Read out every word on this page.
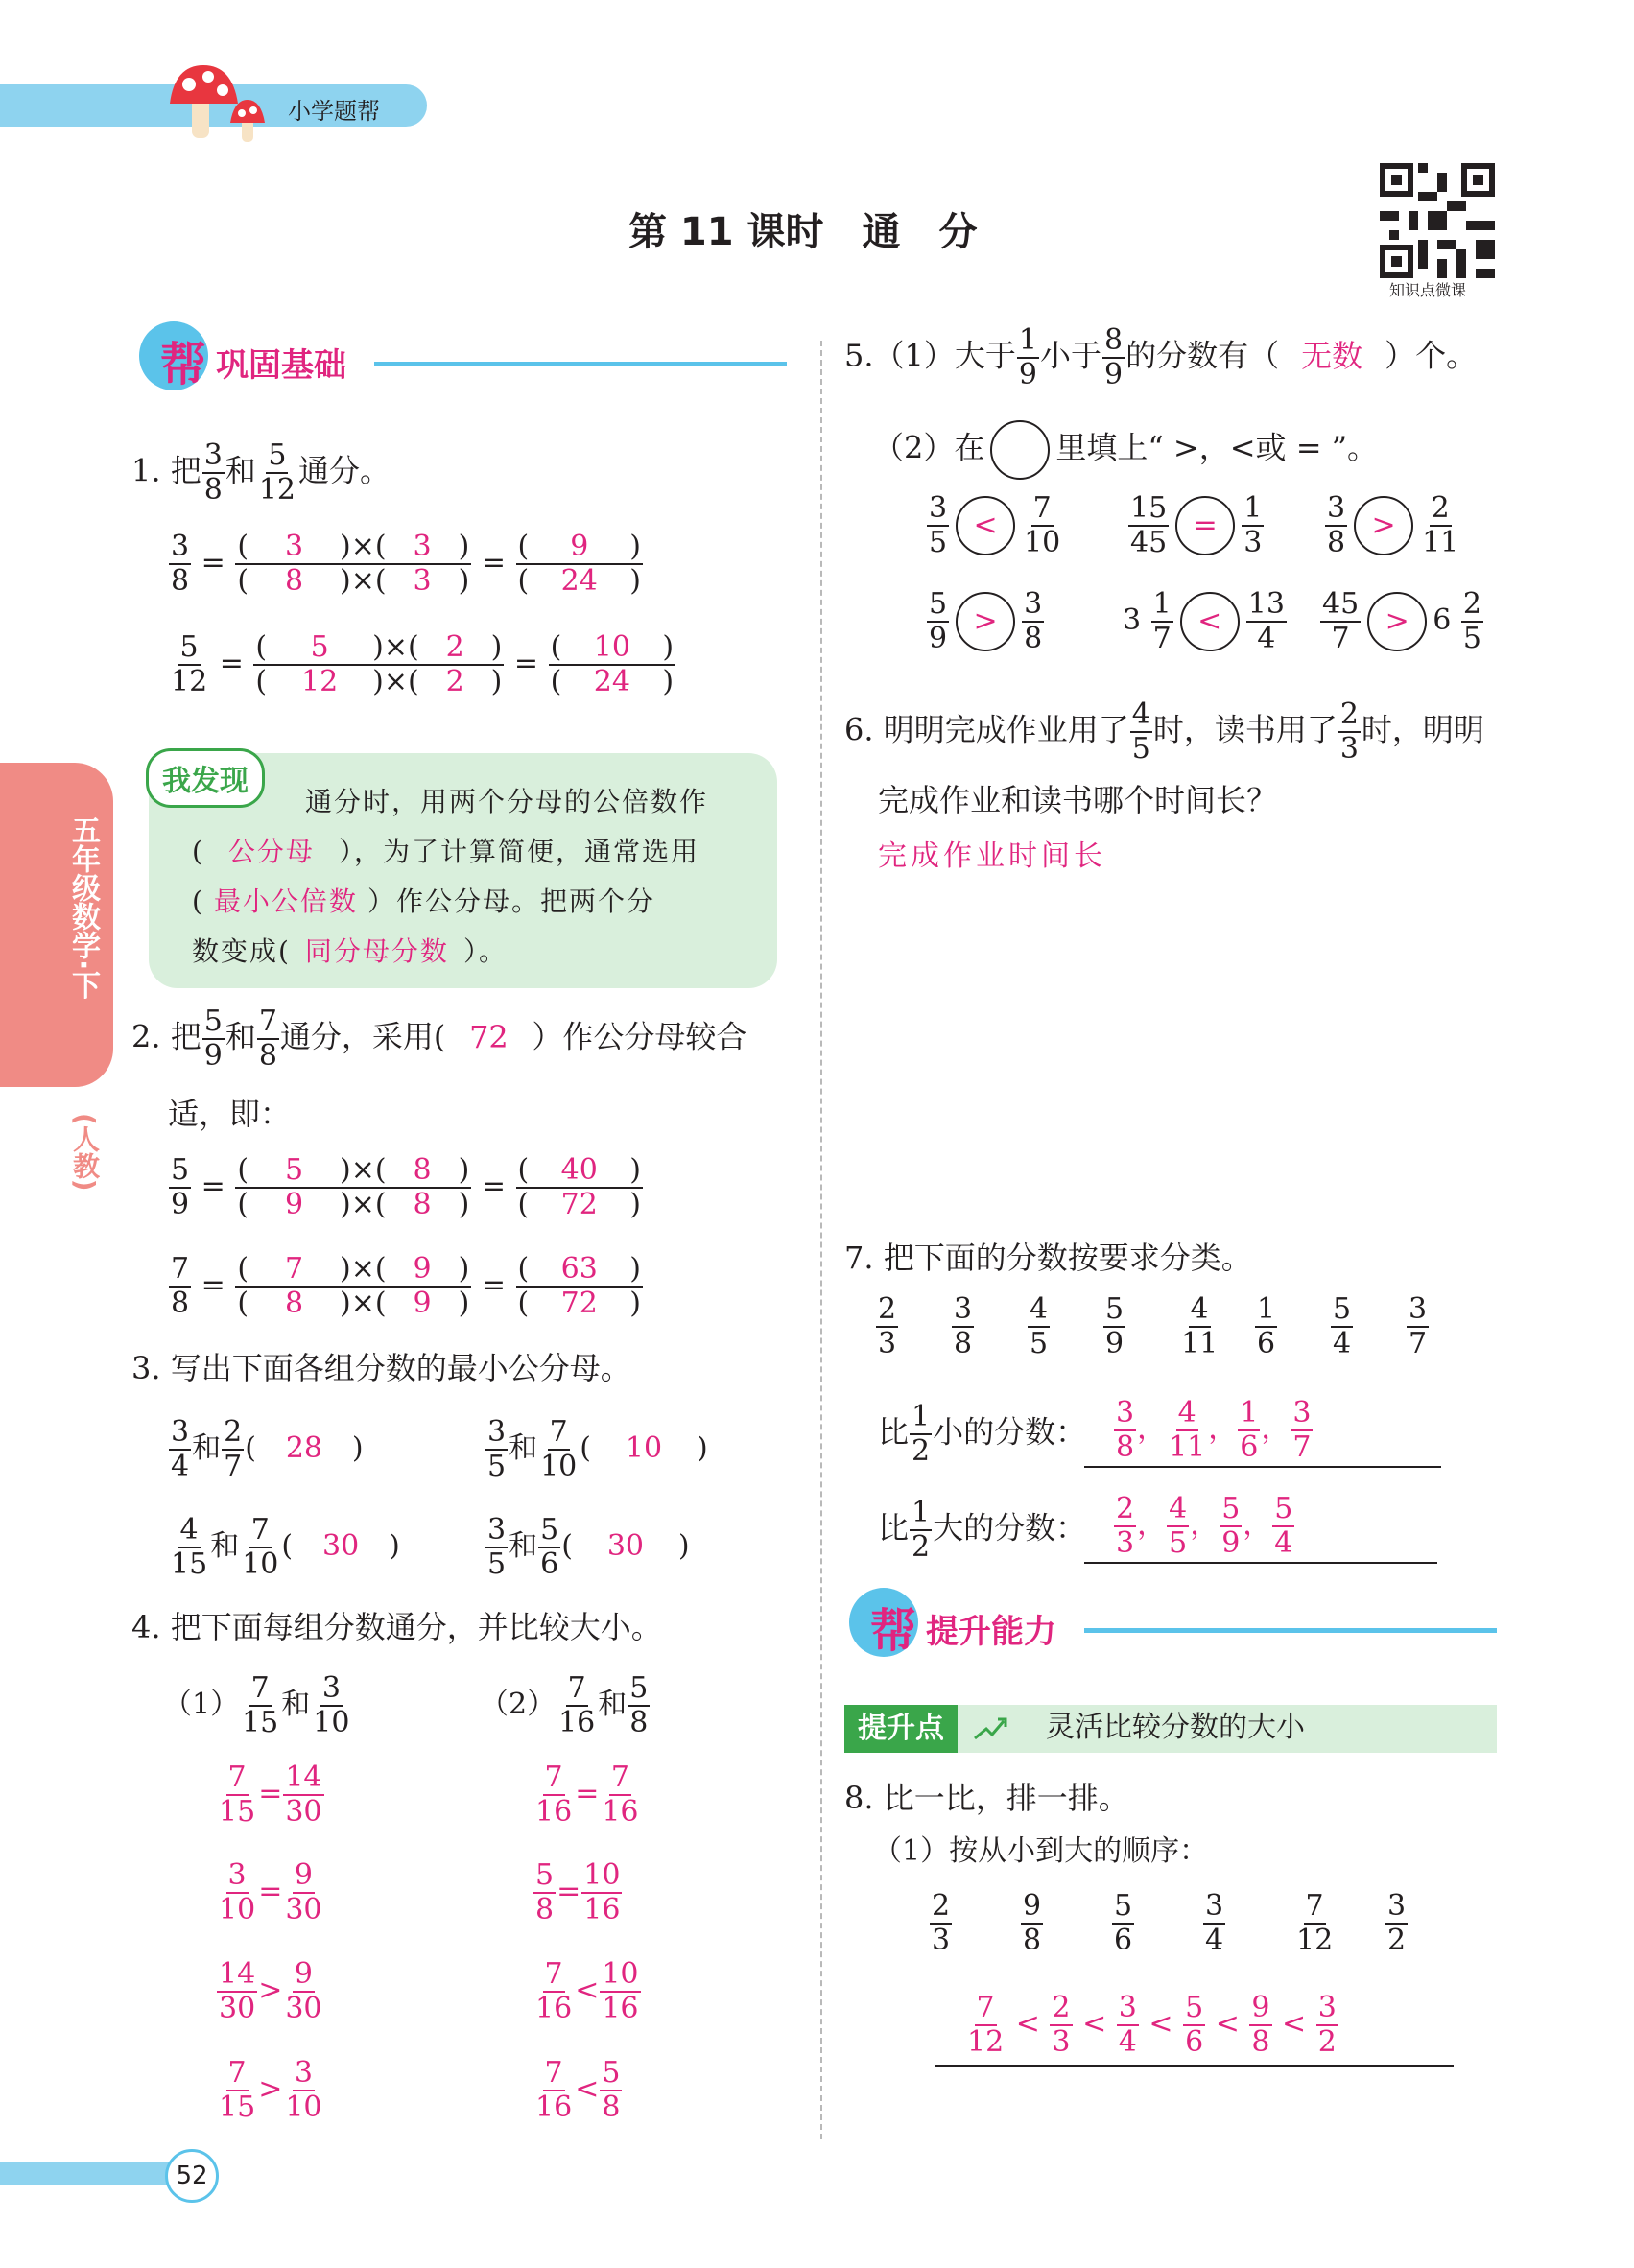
小学题帮
第 11 课时　通　分
知识点微课
五年级数学·下
(人教)
52
帮 巩固基础
帮 提升能力
1. 把 $\frac{3}{8}$ 和 $\frac{5}{12}$ 通分。
$\frac{3}{8} = \frac{( 3 )\times( 3 )}{( 8 )\times( 3 )} = \frac{( 9 )}{( 24 )}$
$\frac{5}{12} = \frac{( 5 )\times( 2 )}{( 12 )\times( 2 )} = \frac{( 10 )}{( 24 )}$
我发现
通分时，用两个分母的公倍数作
( 公分母 ），为了计算简便，通常选用
( 最小公倍数 ）作公分母。把两个分
数变成( 同分母分数 ）。
2. 把 $\frac{5}{9}$ 和 $\frac{7}{8}$ 通分，采用( 72 ）作公分母较合
适，即：
$\frac{5}{9} = \frac{( 5 )\times( 8 )}{( 9 )\times( 8 )} = \frac{( 40 )}{( 72 )}$
$\frac{7}{8} = \frac{( 7 )\times( 9 )}{( 8 )\times( 9 )} = \frac{( 63 )}{( 72 )}$
3. 写出下面各组分数的最小公分母。
$\frac{3}{4}$ 和 $\frac{2}{7}$ ( 28 )	$\frac{3}{5}$ 和 $\frac{7}{10}$ ( 10 )
$\frac{4}{15}$ 和 $\frac{7}{10}$ ( 30 )	$\frac{3}{5}$ 和 $\frac{5}{6}$ ( 30 )
4. 把下面每组分数通分，并比较大小。
$(1) \frac{7}{15}$ 和 $\frac{3}{10}$	$(2) \frac{7}{16}$ 和 $\frac{5}{8}$
$\frac{7}{15} = \frac{14}{30}$
$\frac{3}{10} = \frac{9}{30}$
$\frac{14}{30} > \frac{9}{30}$
$\frac{7}{15} > \frac{3}{10}$
$\frac{7}{16} = \frac{7}{16}$
$\frac{5}{8} = \frac{10}{16}$
$\frac{7}{16} < \frac{10}{16}$
$\frac{7}{16} < \frac{5}{8}$
5.（1）大于 $\frac{1}{9}$ 小于 $\frac{8}{9}$ 的分数有（ 无数 ）个。
（2）在 里填上“ >，<或 = ”。
$\frac{3}{5} < \frac{7}{10} \frac{15}{45} = \frac{1}{3} \frac{3}{8} > \frac{2}{11}$
$\frac{5}{9} > \frac{3}{8}$	$3 \frac{1}{7} < \frac{13}{4} \frac{45}{7} > 6 \frac{2}{5}$
6. 明明完成作业用了 $\frac{4}{5}$ 时，读书用了 $\frac{2}{3}$ 时，明明
完成作业和读书哪个时间长？
完成作业时间长
7. 把下面的分数按要求分类。
$\frac{2}{3} \frac{3}{8} \frac{4}{5} \frac{5}{9} \frac{4}{11} \frac{1}{6} \frac{5}{4} \frac{3}{7}$
比 $\frac{1}{2}$ 小的分数： $\frac{3}{8}$ ， $\frac{4}{11}$ ， $\frac{1}{6}$ ， $\frac{3}{7}$
比 $\frac{1}{2}$ 大的分数： $\frac{2}{3}$ ， $\frac{4}{5}$ ， $\frac{5}{9}$ ， $\frac{5}{4}$
提升点	灵活比较分数的大小
8. 比一比，排一排。
（1）按从小到大的顺序：
$\frac{2}{3} \frac{9}{8} \frac{5}{6} \frac{3}{4} \frac{7}{12} \frac{3}{2}$
$\frac{7}{12} < \frac{2}{3} < \frac{3}{4} < \frac{5}{6} < \frac{9}{8} < \frac{3}{2}$
